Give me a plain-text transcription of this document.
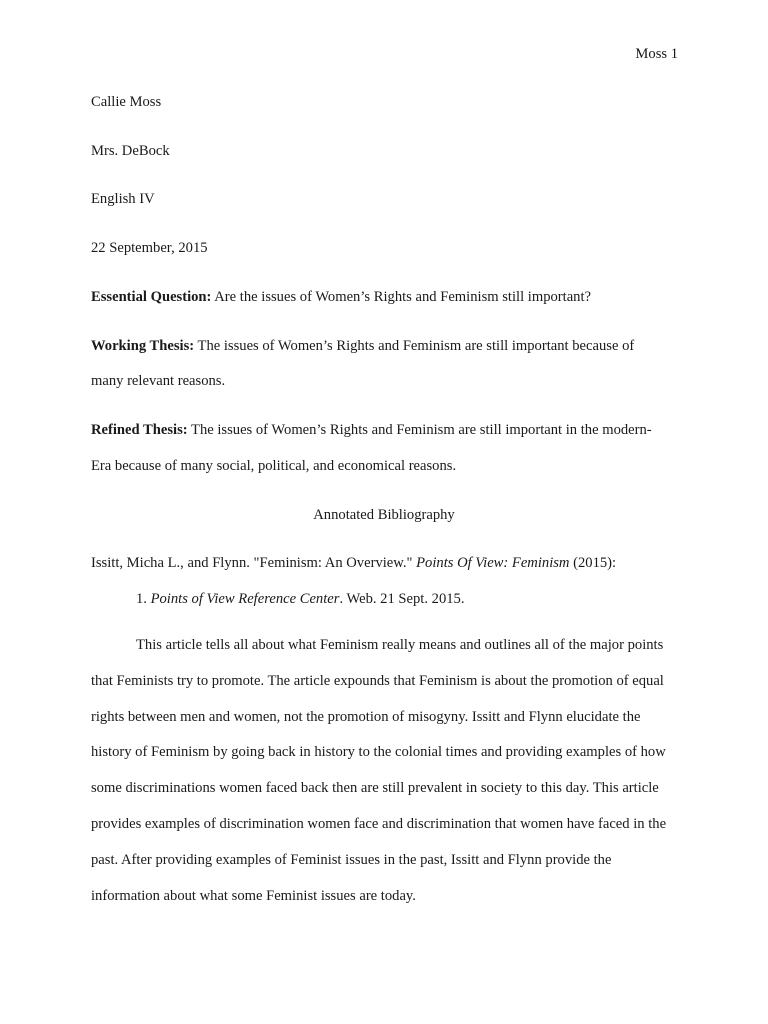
Moss 1
Callie Moss
Mrs. DeBock
English IV
22 September, 2015
Essential Question: Are the issues of Women’s Rights and Feminism still important?
Working Thesis: The issues of Women’s Rights and Feminism are still important because of
many relevant reasons.
Refined Thesis: The issues of Women’s Rights and Feminism are still important in the modern-
Era because of many social, political, and economical reasons.
Annotated Bibliography
Issitt, Micha L., and Flynn. "Feminism: An Overview." Points Of View: Feminism (2015):
1. Points of View Reference Center. Web. 21 Sept. 2015.

This article tells all about what Feminism really means and outlines all of the major points that Feminists try to promote. The article expounds that Feminism is about the promotion of equal rights between men and women, not the promotion of misogyny. Issitt and Flynn elucidate the history of Feminism by going back in history to the colonial times and providing examples of how some discriminations women faced back then are still prevalent in society to this day. This article provides examples of discrimination women face and discrimination that women have faced in the past. After providing examples of Feminist issues in the past, Issitt and Flynn provide the information about what some Feminist issues are today.
